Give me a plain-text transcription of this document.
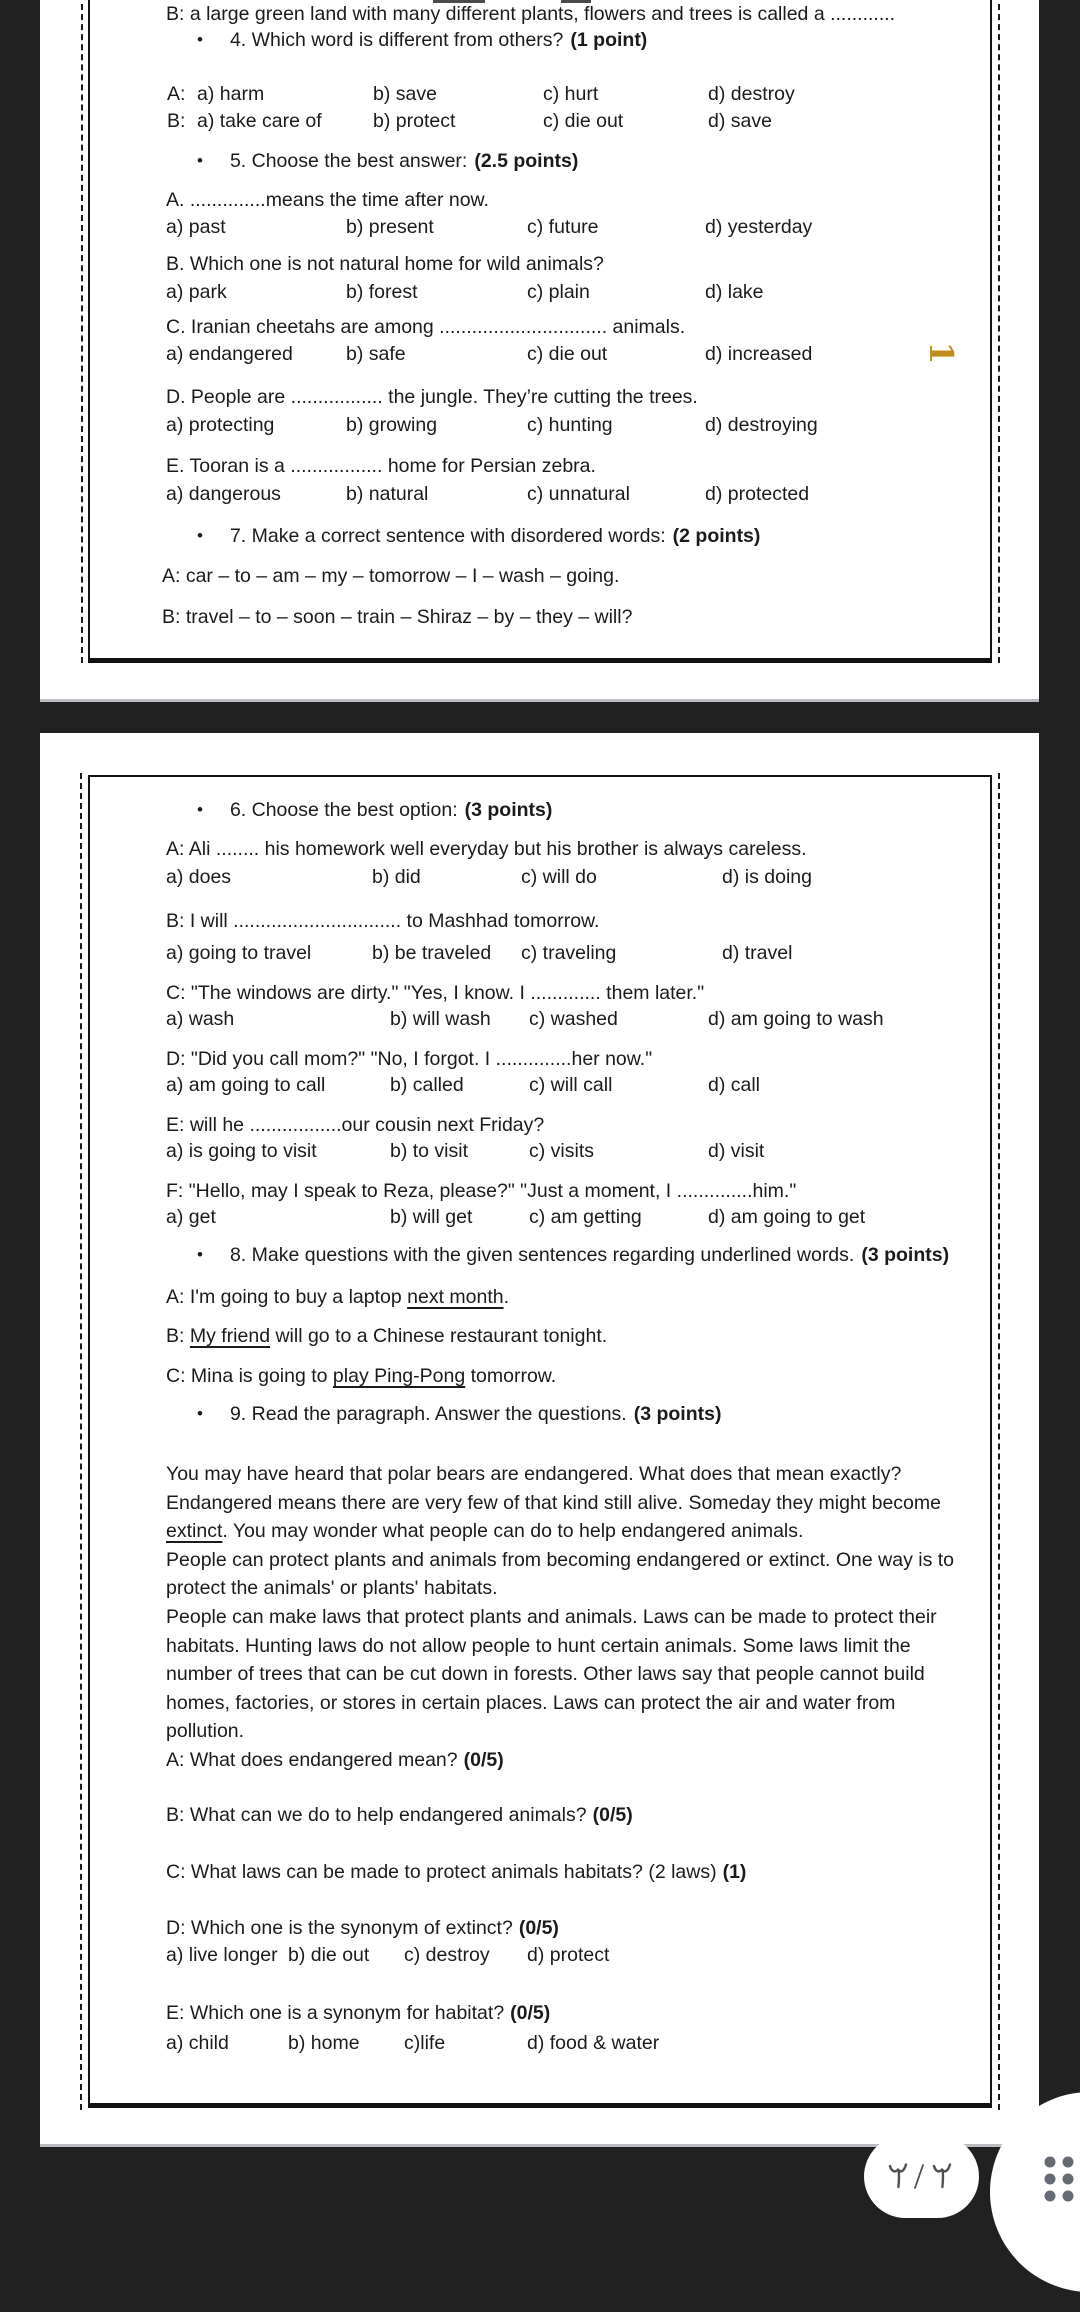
B: a large green land with many different plants, flowers and trees is called a ............
• 4. Which word is different from others? (1 point)
A: a) harm	b) save	c) hurt	d) destroy
B: a) take care of	b) protect	c) die out	d) save
• 5. Choose the best answer: (2.5 points)
A. ..............means the time after now.
a) past	b) present	c) future	d) yesterday
B. Which one is not natural home for wild animals?
a) park	b) forest	c) plain	d) lake
C. Iranian cheetahs are among ............................... animals.
a) endangered	b) safe	c) die out	d) increased	1
D. People are ................. the jungle. They’re cutting the trees.
a) protecting	b) growing	c) hunting	d) destroying
E. Tooran is a ................. home for Persian zebra.
a) dangerous	b) natural	c) unnatural	d) protected
• 7. Make a correct sentence with disordered words: (2 points)
A: car – to – am – my – tomorrow – I – wash – going.
B: travel – to – soon – train – Shiraz – by – they – will?
• 6. Choose the best option: (3 points)
A: Ali ........ his homework well everyday but his brother is always careless.
a) does	b) did	c) will do	d) is doing
B: I will ............................... to Mashhad tomorrow.
a) going to travel	b) be traveled	c) traveling	d) travel
C: "The windows are dirty." "Yes, I know. I ............. them later."
a) wash	b) will wash	c) washed	d) am going to wash
D: "Did you call mom?" "No, I forgot. I ..............her now."
a) am going to call	b) called	c) will call	d) call
E: will he .................our cousin next Friday?
a) is going to visit	b) to visit	c) visits	d) visit
F: "Hello, may I speak to Reza, please?" "Just a moment, I ..............him."
a) get	b) will get	c) am getting	d) am going to get
• 8. Make questions with the given sentences regarding underlined words. (3 points)
A: I'm going to buy a laptop next month.
B: My friend will go to a Chinese restaurant tonight.
C: Mina is going to play Ping-Pong tomorrow.
• 9. Read the paragraph. Answer the questions. (3 points)
You may have heard that polar bears are endangered. What does that mean exactly?
Endangered means there are very few of that kind still alive. Someday they might become
extinct. You may wonder what people can do to help endangered animals.
People can protect plants and animals from becoming endangered or extinct. One way is to
protect the animals' or plants' habitats.
People can make laws that protect plants and animals. Laws can be made to protect their
habitats. Hunting laws do not allow people to hunt certain animals. Some laws limit the
number of trees that can be cut down in forests. Other laws say that people cannot build
homes, factories, or stores in certain places. Laws can protect the air and water from
pollution.
A: What does endangered mean? (0/5)
B: What can we do to help endangered animals? (0/5)
C: What laws can be made to protect animals habitats? (2 laws) (1)
D: Which one is the synonym of extinct? (0/5)
a) live longer b) die out	c) destroy	d) protect
E: Which one is a synonym for habitat? (0/5)
a) child	b) home	c)life	d) food & water
